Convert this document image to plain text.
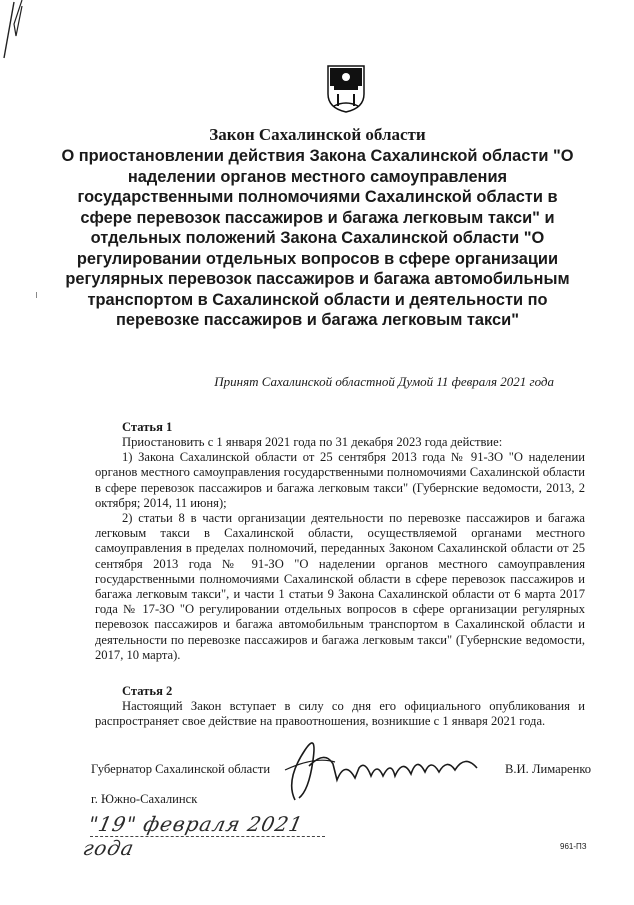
Закон Сахалинской области
О приостановлении действия Закона Сахалинской области "О наделении органов местного самоуправления государственными полномочиями Сахалинской области в сфере перевозок пассажиров и багажа легковым такси" и отдельных положений Закона Сахалинской области "О регулировании отдельных вопросов в сфере организации регулярных перевозок пассажиров и багажа автомобильным транспортом в Сахалинской области и деятельности по перевозке пассажиров и багажа легковым такси"
Принят Сахалинской областной Думой 11 февраля 2021 года
Статья 1

Приостановить с 1 января 2021 года по 31 декабря 2023 года действие:

1) Закона Сахалинской области от 25 сентября 2013 года № 91-ЗО "О наделении органов местного самоуправления государственными полномочиями Сахалинской области в сфере перевозок пассажиров и багажа легковым такси" (Губернские ведомости, 2013, 2 октября; 2014, 11 июня);

2) статьи 8 в части организации деятельности по перевозке пассажиров и багажа легковым такси в Сахалинской области, осуществляемой органами местного самоуправления в пределах полномочий, переданных Законом Сахалинской области от 25 сентября 2013 года № 91-ЗО "О наделении органов местного самоуправления государственными полномочиями Сахалинской области в сфере перевозок пассажиров и багажа легковым такси", и части 1 статьи 9 Закона Сахалинской области от 6 марта 2017 года № 17-ЗО "О регулировании отдельных вопросов в сфере организации регулярных перевозок пассажиров и багажа автомобильным транспортом в Сахалинской области и деятельности по перевозке пассажиров и багажа легковым такси" (Губернские ведомости, 2017, 10 марта).

Статья 2

Настоящий Закон вступает в силу со дня его официального опубликования и распространяет свое действие на правоотношения, возникшие с 1 января 2021 года.

Губернатор Сахалинской области	В.И. Лимаренко
г. Южно-Сахалинск
"19" февраля 2021 года	961-ПЗ
